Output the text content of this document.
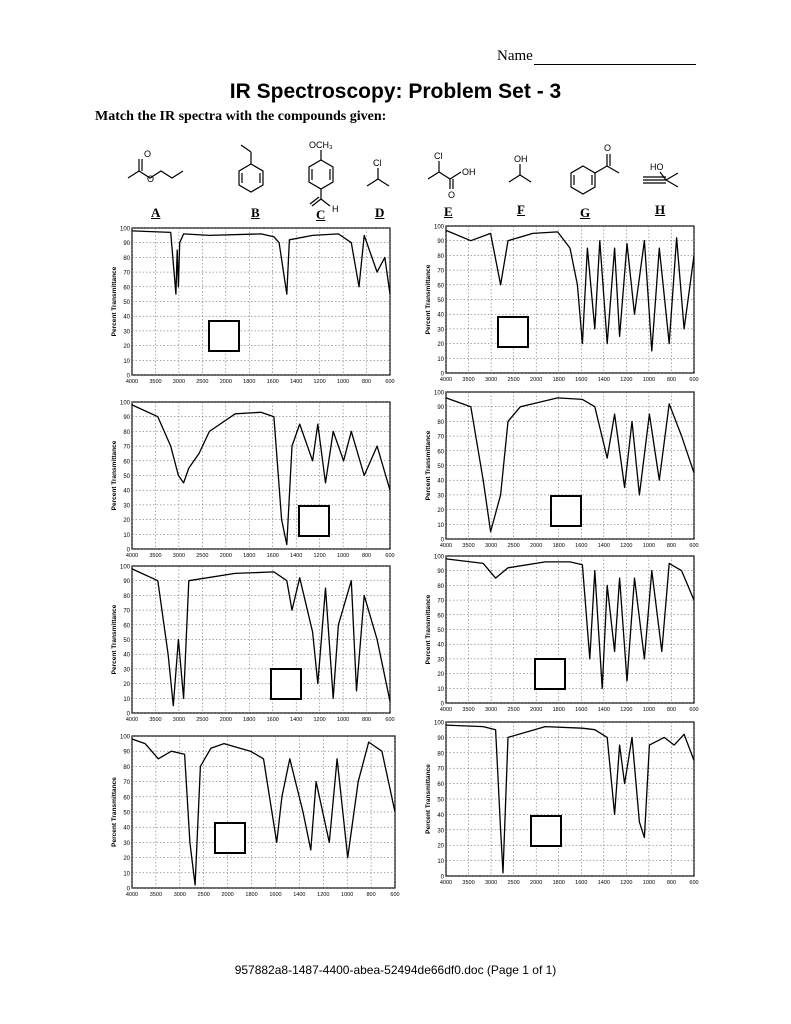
Name
IR Spectroscopy: Problem Set - 3
Match the IR spectra with the compounds given:
O
O
OCH₃
H
Cl
Cl
OH
O
OH
O
HO
A	B	C	D	E	F	G	H
100
90
80
70
60
50
40
30
20
10
0
4000 3500 3000 2500 2000 1800 1600 1400 1200 1000 800	600
Percent Transmittance
100
90
80
70
60
50
40
30
20
10
0
4000 3500 3000 2500 2000 1800 1600 1400 1200 1000 800 600
Percent Transmittance
100
90
80
70
60
50
40
30
20
10
0
4000 3500 3000 2500 2000 1800 1600 1400 1200 1000 800	600
Percent Transmittance
100
90
80
70
60
50
40
30
20
10
0
4000 3500 3000 2500 2000 1800 1600 1400 1200 1000 800 600
Percent Transmittance
100
90
80
70
60
50
40
30
20
10
0
4000 3500 3000 2500 2000 1800 1600 1400 1200 1000 800	600
Percent Transmittance
100
90
80
70
60
50
40
30
20
10
0
4000 3500 3000 2500 2000 1800 1600 1400 1200 1000 800 600
Percent Transmittance
100
90
80
70
60
50
40
30
20
10
0
4000 3500 3000 2500 2000 1800 1600 1400 1200 1000 800	600
Percent Transmittance
100
90
80
70
60
50
40
30
20
10
0
4000 3500 3000 2500 2000 1800 1600 1400 1200 1000 800 600
Percent Transmittance
957882a8-1487-4400-abea-52494de66df0.doc (Page 1 of 1)
